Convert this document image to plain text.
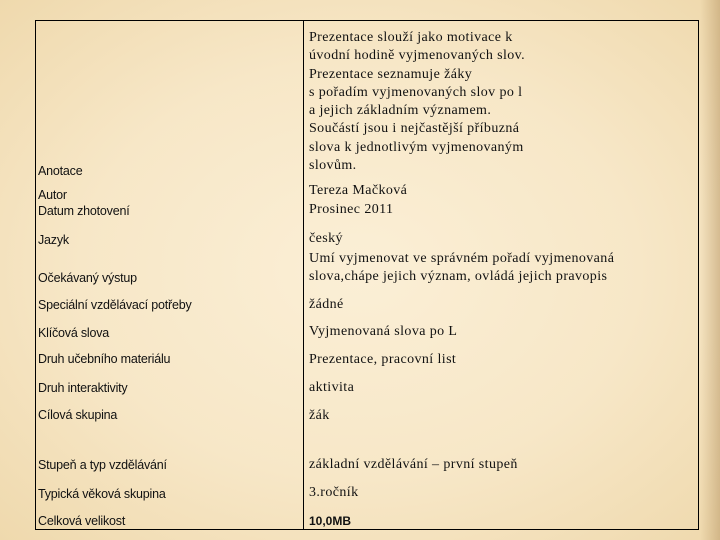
Anotace
Autor
Datum zhotovení
Jazyk
Očekávaný výstup
Speciální vzdělávací potřeby
Klíčová slova
Druh učebního materiálu
Druh interaktivity
Cílová skupina
Stupeň a typ vzdělávání
Typická věková skupina
Celková velikost
Prezentace slouží jako motivace k
úvodní hodině vyjmenovaných slov.
Prezentace seznamuje žáky
s pořadím vyjmenovaných slov po l
a jejich základním významem.
Součástí jsou i nejčastější příbuzná
slova k jednotlivým vyjmenovaným
slovům.
Tereza Mačková
Prosinec 2011
český
Umí vyjmenovat ve správném pořadí vyjmenovaná
slova,chápe jejich význam, ovládá jejich pravopis
žádné
Vyjmenovaná slova po L
Prezentace, pracovní list
aktivita
žák
základní vzdělávání – první stupeň
3.ročník
10,0MB
